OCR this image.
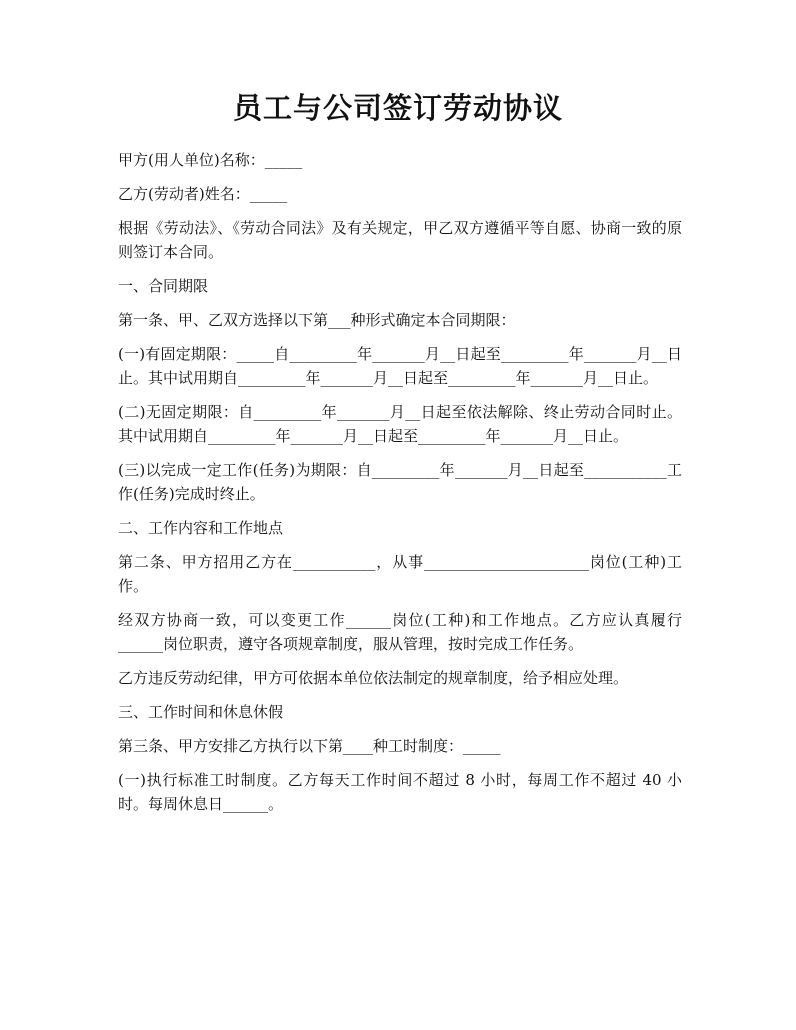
员工与公司签订劳动协议

甲方(用人单位)名称：_____

乙方(劳动者)姓名：_____

根据《劳动法》、《劳动合同法》及有关规定，甲乙双方遵循平等自愿、协商一致的原则签订本合同。

一、合同期限

第一条、甲、乙双方选择以下第___种形式确定本合同期限：

(一)有固定期限：_____自_________年_______月__日起至_________年_______月__日止。其中试用期自_________年_______月__日起至_________年_______月__日止。

(二)无固定期限：自_________年_______月__日起至依法解除、终止劳动合同时止。其中试用期自_________年_______月__日起至_________年_______月__日止。

(三)以完成一定工作(任务)为期限：自_________年_______月__日起至___________工作(任务)完成时终止。

二、工作内容和工作地点

第二条、甲方招用乙方在___________，从事______________________岗位(工种)工作。

经双方协商一致，可以变更工作______岗位(工种)和工作地点。乙方应认真履行______岗位职责，遵守各项规章制度，服从管理，按时完成工作任务。

乙方违反劳动纪律，甲方可依据本单位依法制定的规章制度，给予相应处理。

三、工作时间和休息休假

第三条、甲方安排乙方执行以下第____种工时制度：_____

(一)执行标准工时制度。乙方每天工作时间不超过 8 小时，每周工作不超过 40 小时。每周休息日______。
